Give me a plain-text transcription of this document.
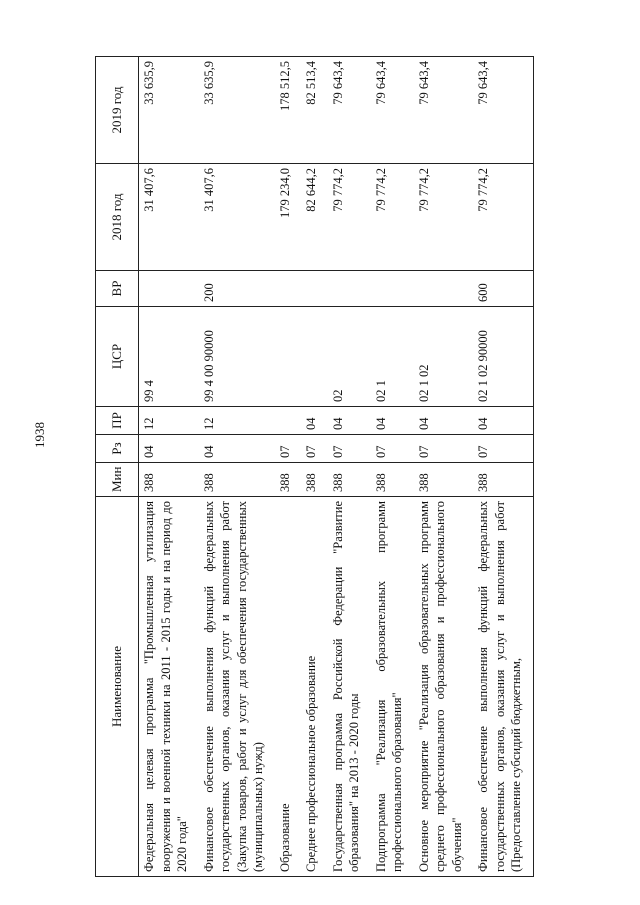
1938
Наименование	Мин	Рз	ПР	ЦСР	ВР	2018 год	2019 год
Федеральная целевая программа "Промышленная утилизация вооружения и военной техники на 2011 - 2015 годы и на период до 2020 года"	388	04	12	99 4		31 407,6	33 635,9
Финансовое обеспечение выполнения функций федеральных государственных органов, оказания услуг и выполнения работ (Закупка товаров, работ и услуг для обеспечения государственных (муниципальных) нужд)	388	04	12	99 4 00 90000	200	31 407,6	33 635,9
Образование	388	07				179 234,0	178 512,5
Среднее профессиональное образование	388	07	04			82 644,2	82 513,4
Государственная программа Российской Федерации "Развитие образования" на 2013 - 2020 годы	388	07	04	02		79 774,2	79 643,4
Подпрограмма "Реализация образовательных программ профессионального образования"	388	07	04	02 1		79 774,2	79 643,4
Основное мероприятие "Реализация образовательных программ среднего профессионального образования и профессионального обучения"	388	07	04	02 1 02		79 774,2	79 643,4
Финансовое обеспечение выполнения функций федеральных государственных органов, оказания услуг и выполнения работ (Предоставление субсидий бюджетным,	388	07	04	02 1 02 90000	600	79 774,2	79 643,4
